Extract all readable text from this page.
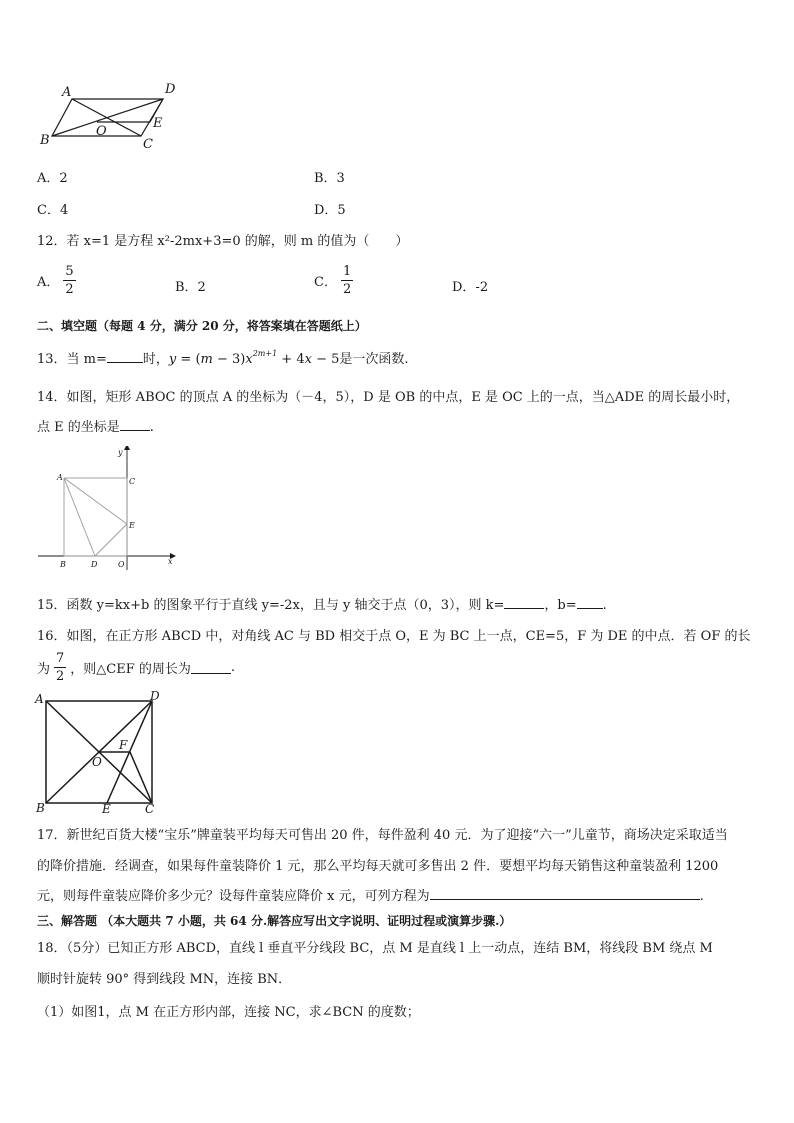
A	D
B	C
O
E
A．2	B．3
C．4	D．5
12．若 x=1 是方程 x²-2mx+3=0 的解，则 m 的值为（　　）
A． $\frac{5}{2}$	B．2	C． $\frac{1}{2}$	D．-2
二、填空题（每题 4 分，满分 20 分，将答案填在答题纸上）
13．当 m=	时，$y = (m - 3)x^{2m+1} + 4x - 5$是一次函数.
14．如图，矩形 ABOC 的顶点 A 的坐标为（－4，5），D 是 OB 的中点，E 是 OC 上的一点，当△ADE 的周长最小时，
点 E 的坐标是 .
x
y
A	C
E
B	D	O
15．函数 y=kx+b 的图象平行于直线 y=-2x，且与 y 轴交于点（0，3），则 k=	，b= .
16．如图，在正方形 ABCD 中，对角线 AC 与 BD 相交于点 O，E 为 BC 上一点，CE=5，F 为 DE 的中点．若 OF 的长
为 $\frac{7}{2}$ ，则△CEF 的周长为	.
A	D
B	C
E
F
O
17．新世纪百货大楼“宝乐”牌童装平均每天可售出 20 件，每件盈利 40 元．为了迎接“六一”儿童节，商场决定采取适当
的降价措施．经调查，如果每件童装降价 1 元，那么平均每天就可多售出 2 件．要想平均每天销售这种童装盈利 1200
元，则每件童装应降价多少元？设每件童装应降价 x 元，可列方程为	.
三、解答题 （本大题共 7 小题，共 64 分.解答应写出文字说明、证明过程或演算步骤.）
18．（5分）已知正方形 ABCD，直线 l 垂直平分线段 BC，点 M 是直线 l 上一动点，连结 BM，将线段 BM 绕点 M
顺时针旋转 90° 得到线段 MN，连接 BN．
（1）如图1，点 M 在正方形内部，连接 NC，求∠BCN 的度数；
